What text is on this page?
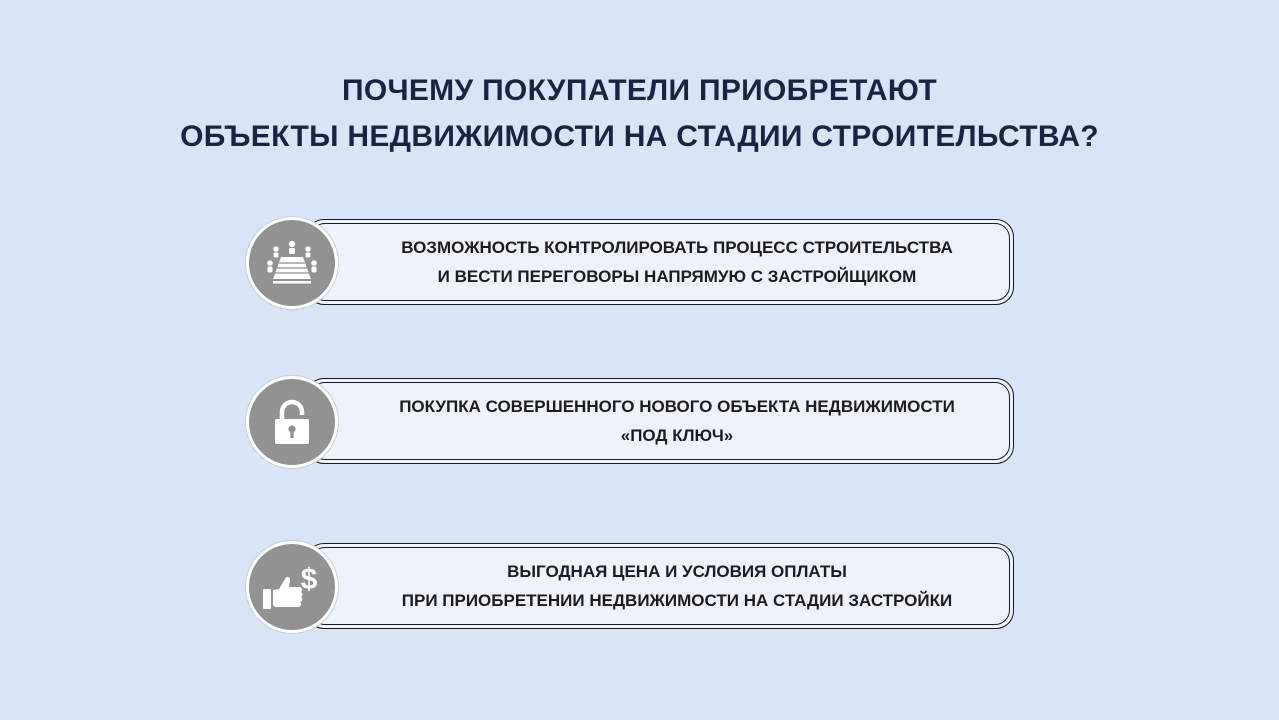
ПОЧЕМУ ПОКУПАТЕЛИ ПРИОБРЕТАЮТ
ОБЪЕКТЫ НЕДВИЖИМОСТИ НА СТАДИИ СТРОИТЕЛЬСТВА?
ВОЗМОЖНОСТЬ КОНТРОЛИРОВАТЬ ПРОЦЕСС СТРОИТЕЛЬСТВА
И ВЕСТИ ПЕРЕГОВОРЫ НАПРЯМУЮ С ЗАСТРОЙЩИКОМ
ПОКУПКА СОВЕРШЕННОГО НОВОГО ОБЪЕКТА НЕДВИЖИМОСТИ
«ПОД КЛЮЧ»
ВЫГОДНАЯ ЦЕНА И УСЛОВИЯ ОПЛАТЫ
ПРИ ПРИОБРЕТЕНИИ НЕДВИЖИМОСТИ НА СТАДИИ ЗАСТРОЙКИ
$
